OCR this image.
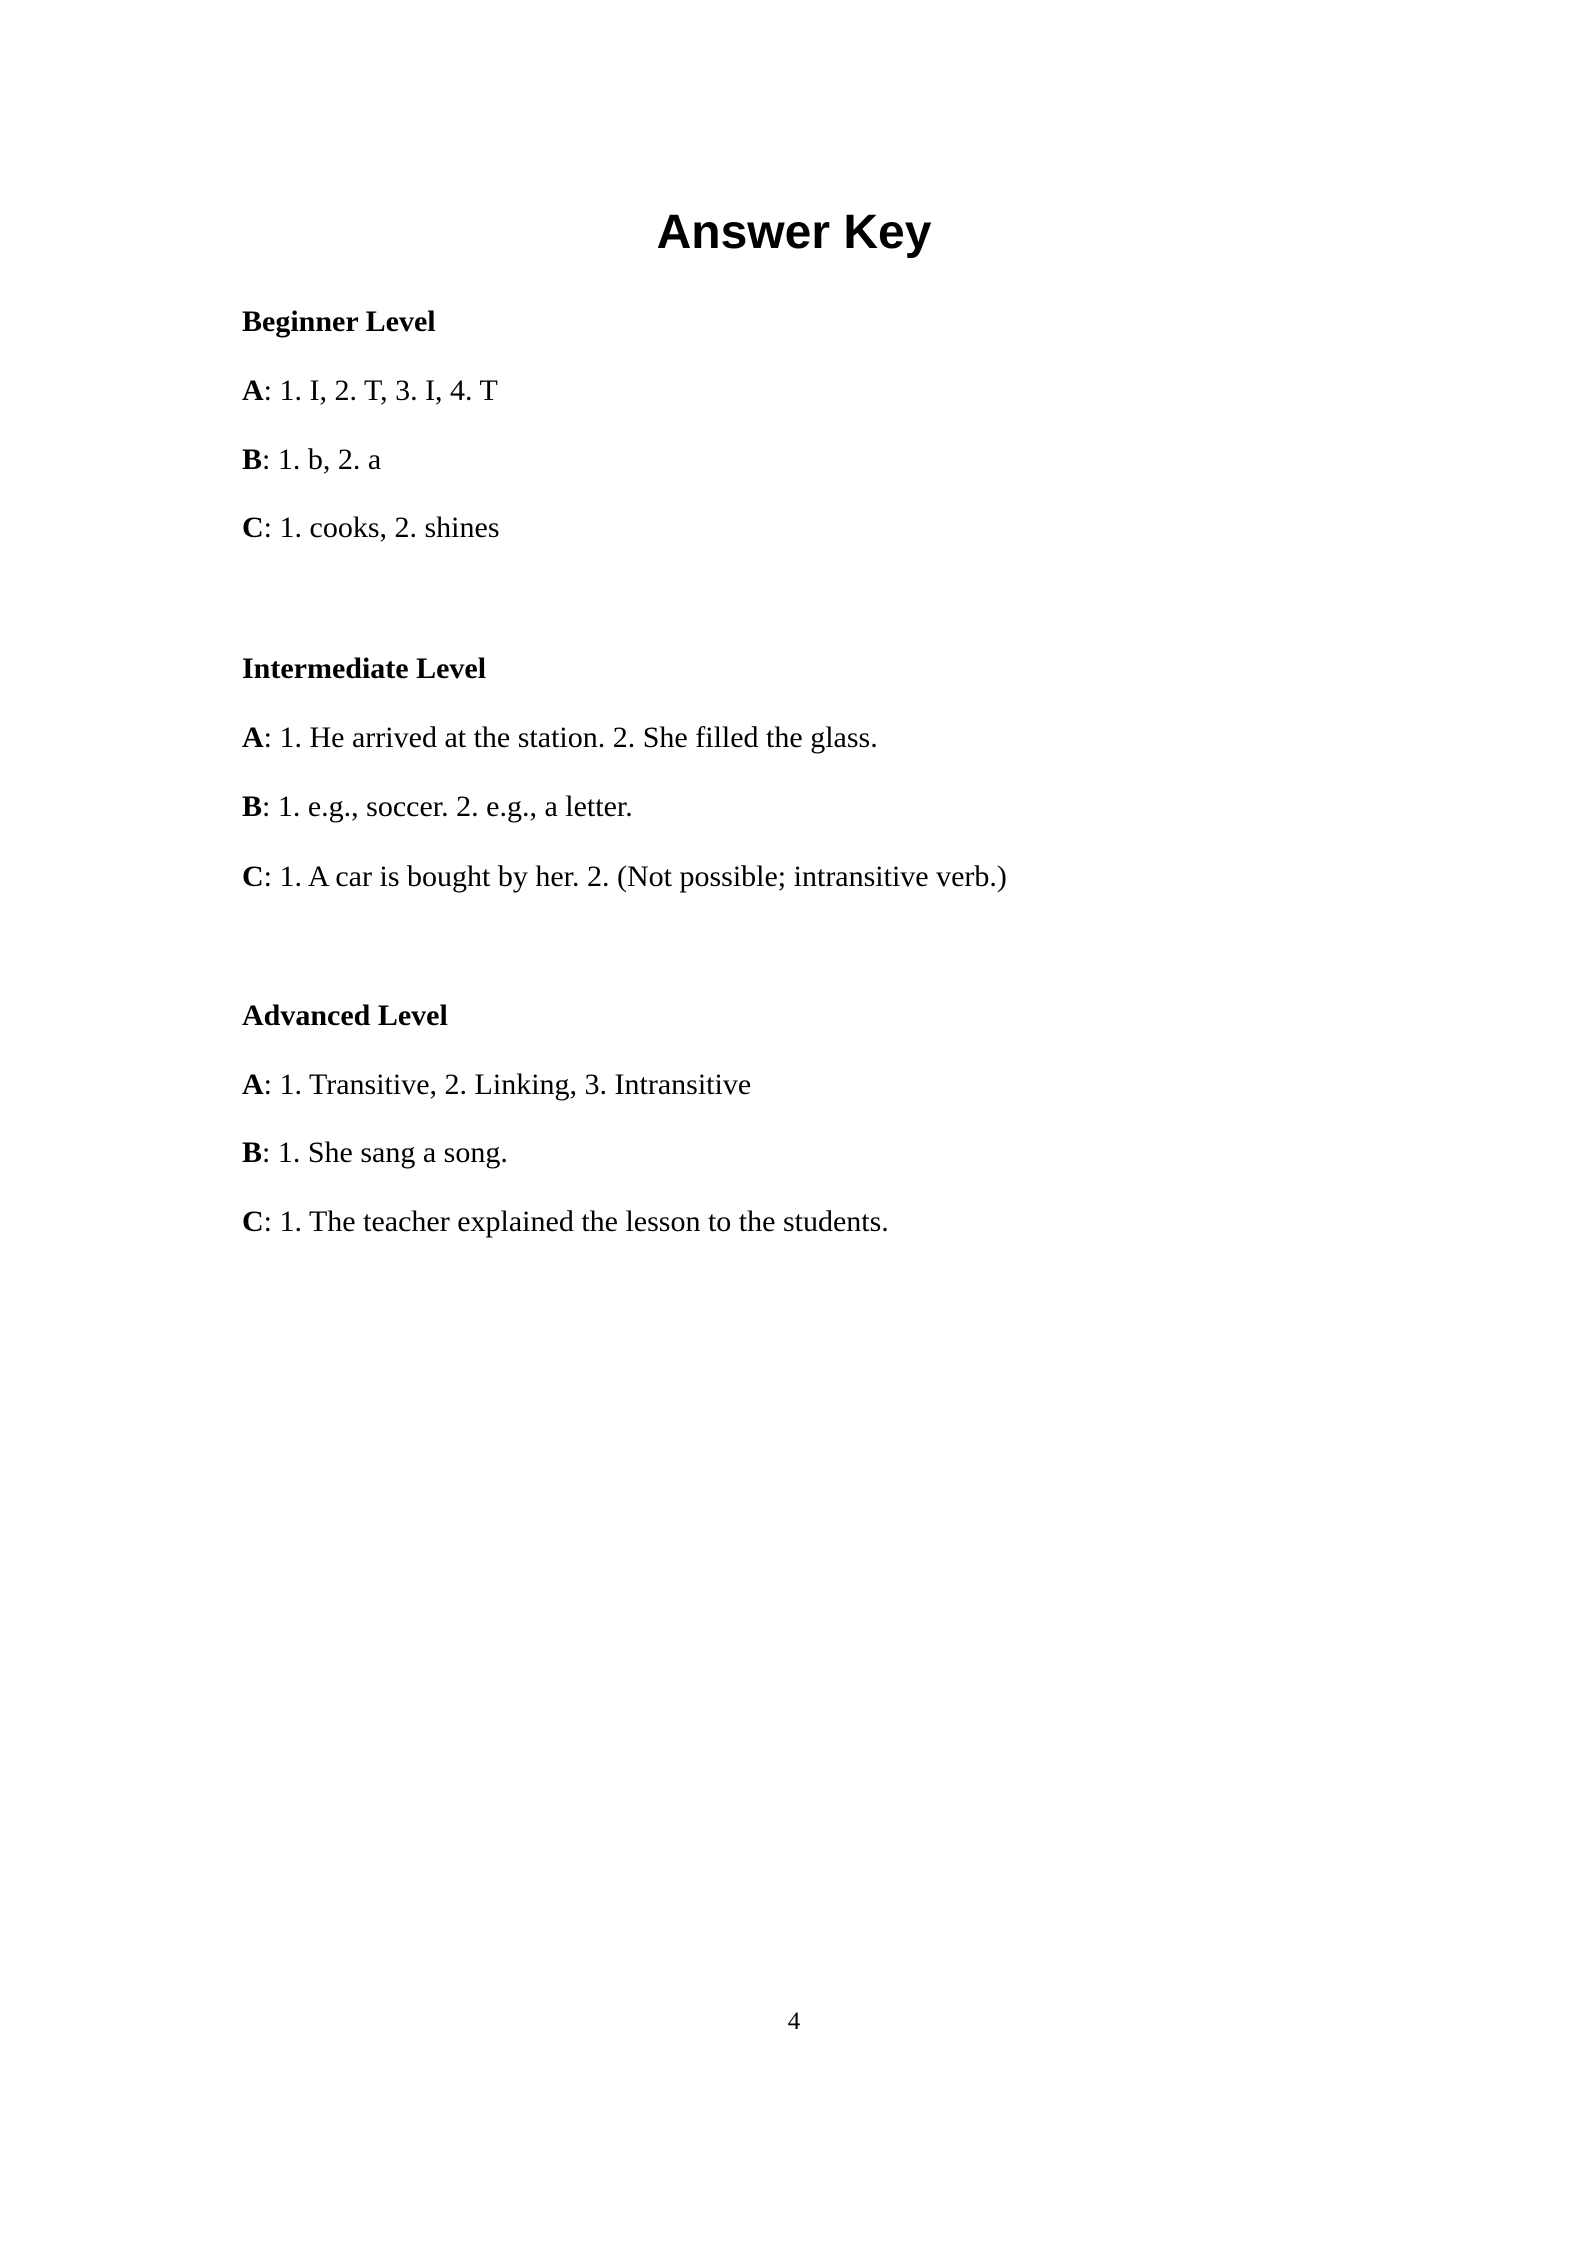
Answer Key
Beginner Level
A: 1. I, 2. T, 3. I, 4. T
B: 1. b, 2. a
C: 1. cooks, 2. shines
Intermediate Level
A: 1. He arrived at the station. 2. She filled the glass.
B: 1. e.g., soccer. 2. e.g., a letter.
C: 1. A car is bought by her. 2. (Not possible; intransitive verb.)
Advanced Level
A: 1. Transitive, 2. Linking, 3. Intransitive
B: 1. She sang a song.
C: 1. The teacher explained the lesson to the students.
4
